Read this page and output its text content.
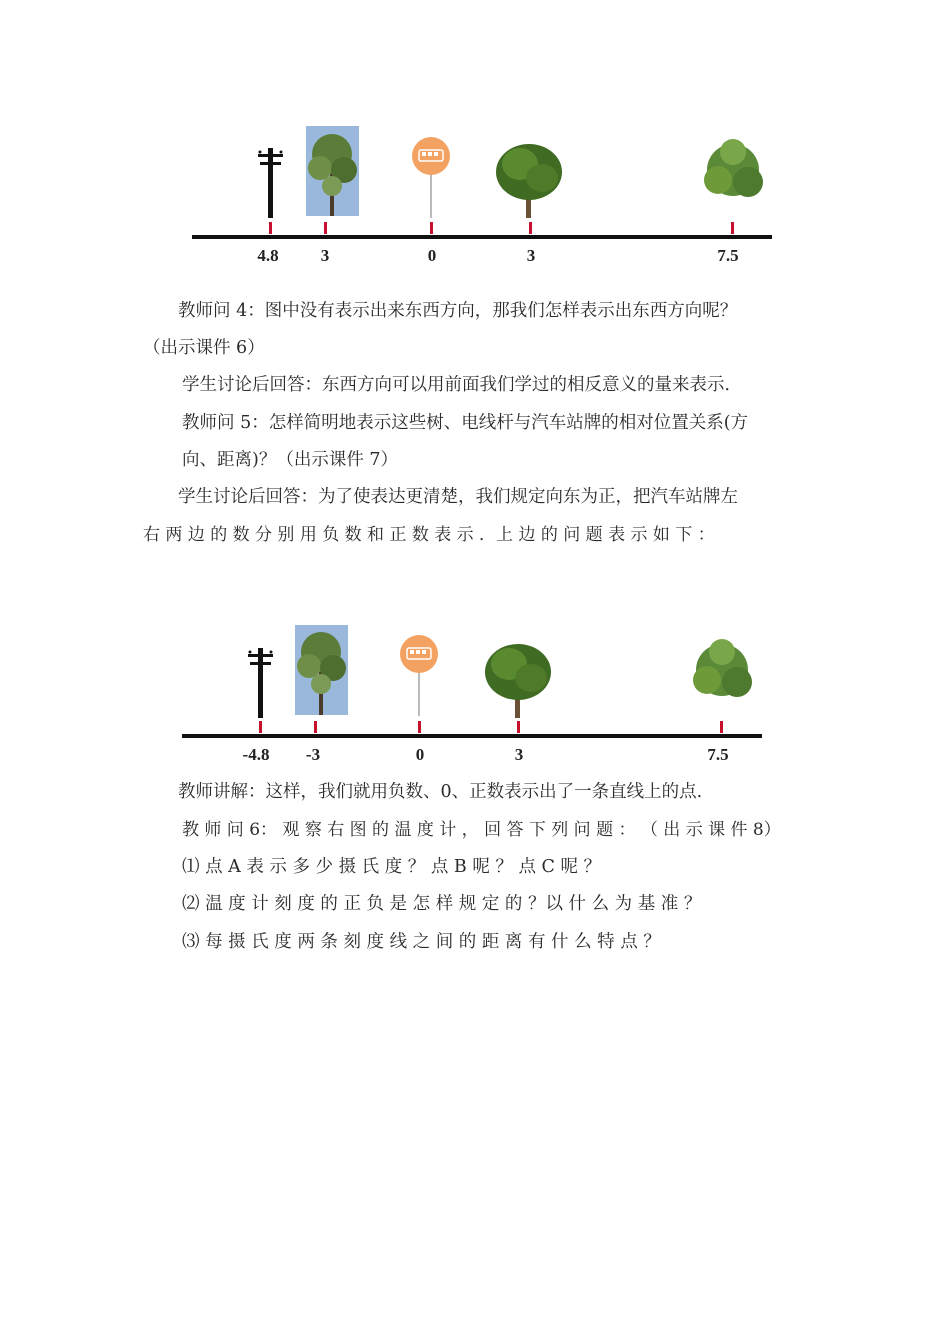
4.8 3	0	3	7.5
教师问 4：图中没有表示出来东西方向，那我们怎样表示出东西方向呢？
（出示课件 6）
学生讨论后回答：东西方向可以用前面我们学过的相反意义的量来表示．
教师问 5：怎样简明地表示这些树、电线杆与汽车站牌的相对位置关系(方
向、距离)？（出示课件 7）
学生讨论后回答：为了使表达更清楚，我们规定向东为正，把汽车站牌左
右 两 边 的 数 分 别 用 负 数 和 正 数 表 示 ．上 边 的 问 题 表 示 如 下 ：
-4.8 -3	0	3	7.5
教师讲解：这样，我们就用负数、0、正数表示出了一条直线上的点.
教 师 问 6： 观 察 右 图 的 温 度 计 ， 回 答 下 列 问 题 ： （ 出 示 课 件 8）
⑴ 点 A 表 示 多 少 摄 氏 度 ？ 点 B 呢 ？ 点 C 呢 ？
⑵ 温 度 计 刻 度 的 正 负 是 怎 样 规 定 的 ？以 什 么 为 基 准 ？
⑶ 每 摄 氏 度 两 条 刻 度 线 之 间 的 距 离 有 什 么 特 点 ？
